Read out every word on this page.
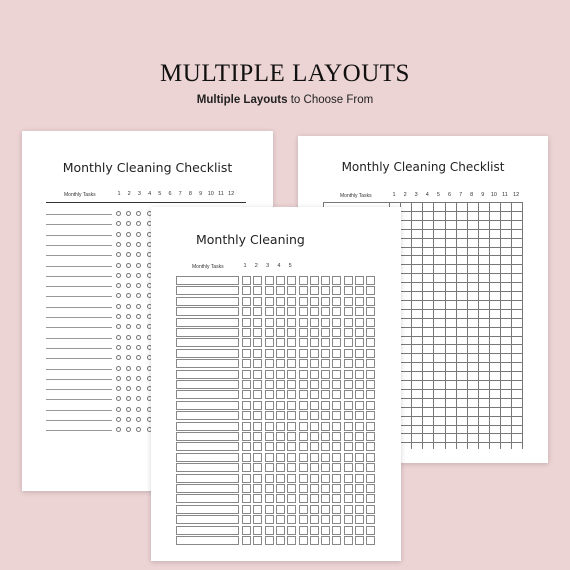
MULTIPLE LAYOUTS
Multiple Layouts to Choose From
Monthly Cleaning Checklist
Monthly Tasks	1	2	3	4	5	6	7	8	9	10 11 12
Monthly Cleaning Checklist
Monthly Tasks	1	2	3	4	5	6	7	8	9	10 11 12
Monthly Cleaning
Monthly Tasks	1	2	3	4	5
